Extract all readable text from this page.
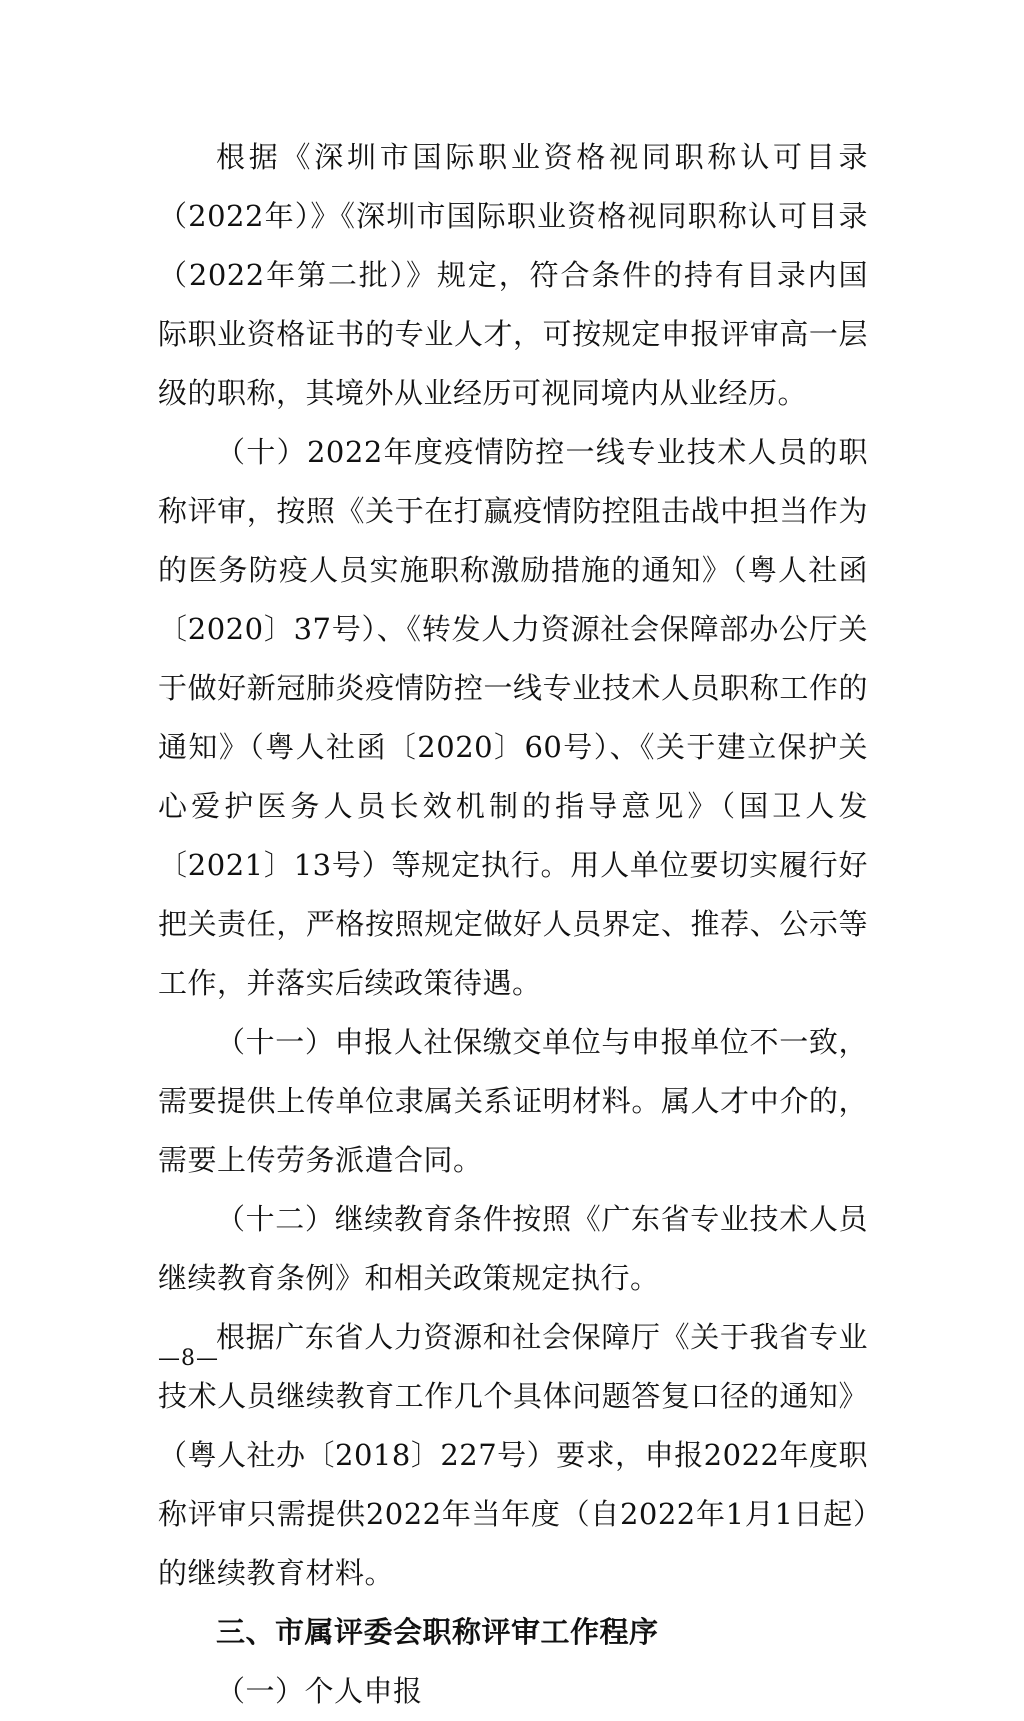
根据《深圳市国际职业资格视同职称认可目录（2022年）》《深圳市国际职业资格视同职称认可目录（2022年第二批）》规定，符合条件的持有目录内国际职业资格证书的专业人才，可按规定申报评审高一层级的职称，其境外从业经历可视同境内从业经历。

（十）2022年度疫情防控一线专业技术人员的职称评审，按照《关于在打赢疫情防控阻击战中担当作为的医务防疫人员实施职称激励措施的通知》（粤人社函〔2020〕37号）、《转发人力资源社会保障部办公厅关于做好新冠肺炎疫情防控一线专业技术人员职称工作的通知》（粤人社函〔2020〕60号）、《关于建立保护关心爱护医务人员长效机制的指导意见》（国卫人发〔2021〕13号）等规定执行。用人单位要切实履行好把关责任，严格按照规定做好人员界定、推荐、公示等工作，并落实后续政策待遇。

（十一）申报人社保缴交单位与申报单位不一致，需要提供上传单位隶属关系证明材料。属人才中介的，需要上传劳务派遣合同。

（十二）继续教育条件按照《广东省专业技术人员继续教育条例》和相关政策规定执行。

根据广东省人力资源和社会保障厅《关于我省专业技术人员继续教育工作几个具体问题答复口径的通知》（粤人社办〔2018〕227号）要求，申报2022年度职称评审只需提供2022年当年度（自2022年1月1日起）的继续教育材料。

三、市属评委会职称评审工作程序

（一）个人申报

—8—
